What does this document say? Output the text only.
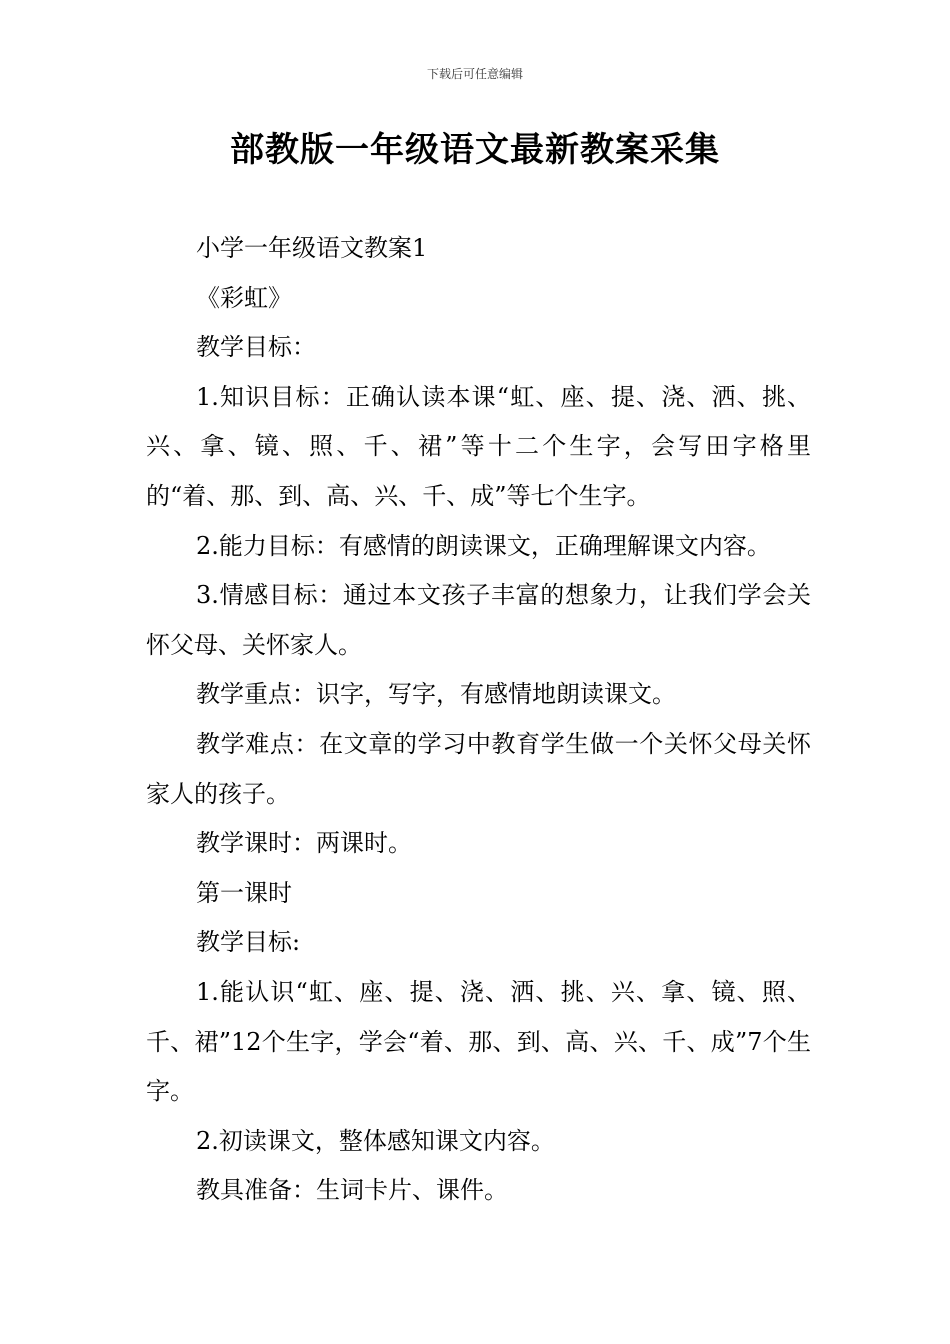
下载后可任意编辑
部教版一年级语文最新教案采集

小学一年级语文教案1

《彩虹》

教学目标：

1.知识目标：正确认读本课“虹、座、提、浇、洒、挑、兴、拿、镜、照、千、裙”等十二个生字，会写田字格里的“着、那、到、高、兴、千、成”等七个生字。

2.能力目标：有感情的朗读课文，正确理解课文内容。

3.情感目标：通过本文孩子丰富的想象力，让我们学会关怀父母、关怀家人。

教学重点：识字，写字，有感情地朗读课文。

教学难点：在文章的学习中教育学生做一个关怀父母关怀家人的孩子。

教学课时：两课时。

第一课时

教学目标:

1.能认识“虹、座、提、浇、洒、挑、兴、拿、镜、照、千、裙”12个生字，学会“着、那、到、高、兴、千、成”7个生字。

2.初读课文，整体感知课文内容。

教具准备：生词卡片、课件。
